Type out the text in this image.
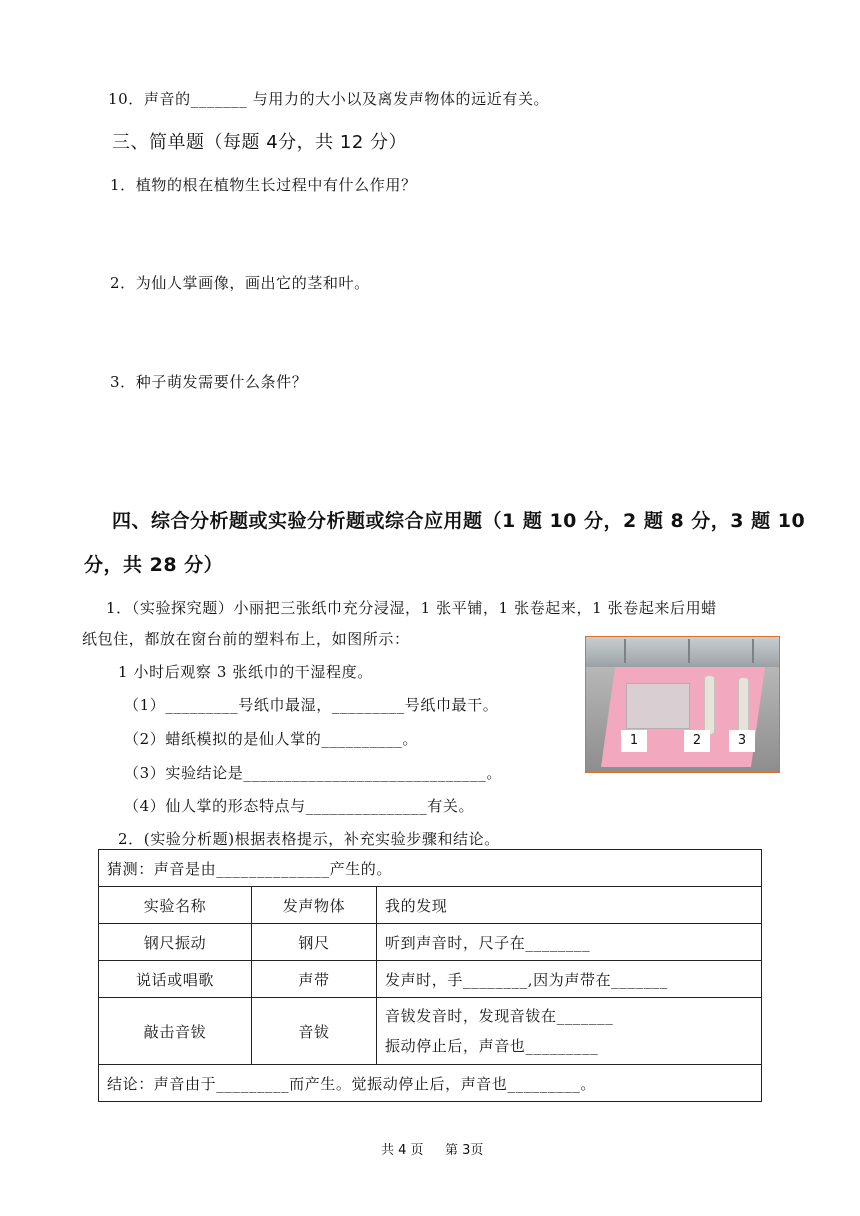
10．声音的_______ 与用力的大小以及离发声物体的远近有关。
三、简单题（每题 4分，共 12 分）
1．植物的根在植物生长过程中有什么作用？
2．为仙人掌画像，画出它的茎和叶。
3．种子萌发需要什么条件？
四、综合分析题或实验分析题或综合应用题（1 题 10 分，2 题 8 分，3 题 10
分，共 28 分）
1．（实验探究题）小丽把三张纸巾充分浸湿，1 张平铺，1 张卷起来，1 张卷起来后用蜡
纸包住，都放在窗台前的塑料布上，如图所示：
1 小时后观察 3 张纸巾的干湿程度。
（1）_________号纸巾最湿，_________号纸巾最干。
（2）蜡纸模拟的是仙人掌的__________。
（3）实验结论是______________________________。
（4）仙人掌的形态特点与_______________有关。
1	2	3
2．(实验分析题)根据表格提示，补充实验步骤和结论。
猜测：声音是由______________产生的。		
实验名称	发声物体	我的发现
钢尺振动	钢尺	听到声音时，尺子在________
说话或唱歌	声带	发声时，手________,因为声带在_______
敲击音钹	音钹	音钹发音时，发现音钹在_______
振动停止后，声音也_________

结论：声音由于_________而产生。觉振动停止后，声音也_________。		
共 4 页 第 3页
